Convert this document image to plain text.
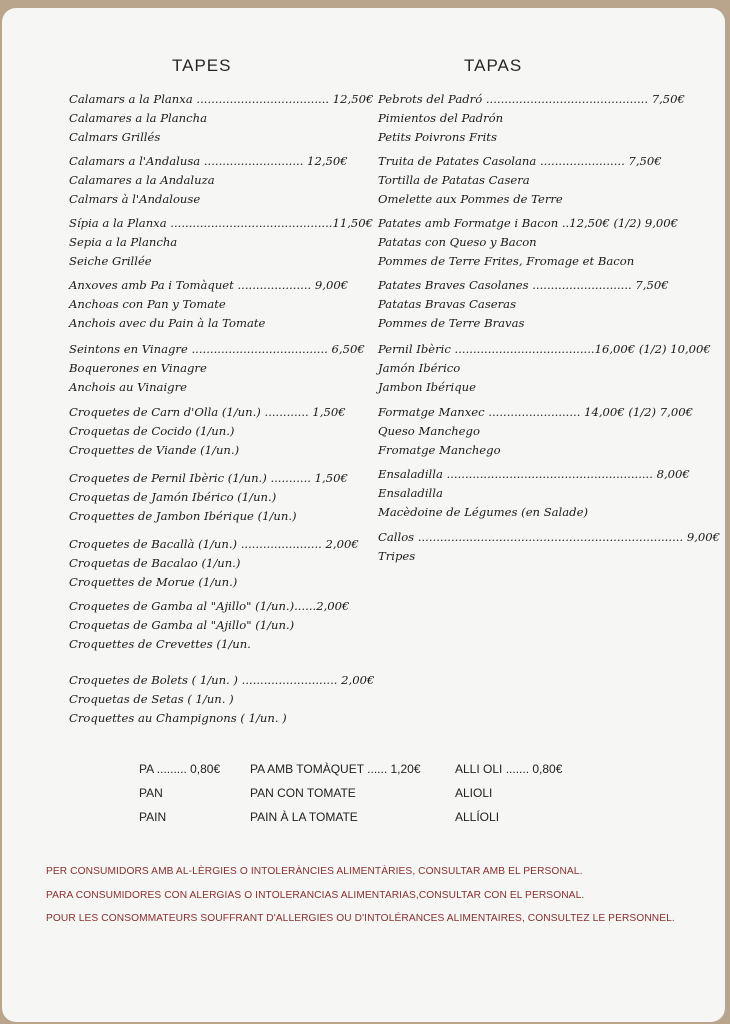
TAPES	TAPAS
Calamars a la Planxa .................................... 12,50€
Calamares a la Plancha
Calmars Grillés
Calamars a l'Andalusa ........................... 12,50€
Calamares a la Andaluza
Calmars à l'Andalouse
Sípia a la Planxa ............................................11,50€
Sepia a la Plancha
Seiche Grillée
Anxoves amb Pa i Tomàquet .................... 9,00€
Anchoas con Pan y Tomate
Anchois avec du Pain à la Tomate
Seintons en Vinagre ..................................... 6,50€
Boquerones en Vinagre
Anchois au Vinaigre
Croquetes de Carn d'Olla (1/un.) ............ 1,50€
Croquetas de Cocido (1/un.)
Croquettes de Viande (1/un.)
Croquetes de Pernil Ibèric (1/un.) ........... 1,50€
Croquetas de Jamón Ibérico (1/un.)
Croquettes de Jambon Ibérique (1/un.)
Croquetes de Bacallà (1/un.) ...................... 2,00€
Croquetas de Bacalao (1/un.)
Croquettes de Morue (1/un.)
Croquetes de Gamba al "Ajillo" (1/un.)......2,00€
Croquetas de Gamba al "Ajillo" (1/un.)
Croquettes de Crevettes (1/un.
Croquetes de Bolets ( 1/un. ) .......................... 2,00€
Croquetas de Setas ( 1/un. )
Croquettes au Champignons ( 1/un. )
Pebrots del Padró ............................................ 7,50€
Pimientos del Padrón
Petits Poivrons Frits
Truita de Patates Casolana ....................... 7,50€
Tortilla de Patatas Casera
Omelette aux Pommes de Terre
Patates amb Formatge i Bacon ..12,50€ (1/2) 9,00€
Patatas con Queso y Bacon
Pommes de Terre Frites, Fromage et Bacon
Patates Braves Casolanes ........................... 7,50€
Patatas Bravas Caseras
Pommes de Terre Bravas
Pernil Ibèric ......................................16,00€ (1/2) 10,00€
Jamón Ibérico
Jambon Ibérique
Formatge Manxec ......................... 14,00€ (1/2) 7,00€
Queso Manchego
Fromatge Manchego
Ensaladilla ........................................................ 8,00€
Ensaladilla
Macèdoine de Légumes (en Salade)
Callos ........................................................................ 9,00€
Tripes
PA ......... 0,80€
PAN
PAIN
PA AMB TOMÀQUET ...... 1,20€
PAN CON TOMATE
PAIN À LA TOMATE
ALLI OLI ....... 0,80€
ALIOLI
ALLÍOLI
PER CONSUMIDORS AMB AL-LÈRGIES O INTOLERÀNCIES ALIMENTÀRIES, CONSULTAR AMB EL PERSONAL.
PARA CONSUMIDORES CON ALERGIAS O INTOLERANCIAS ALIMENTARIAS,CONSULTAR CON EL PERSONAL.
POUR LES CONSOMMATEURS SOUFFRANT D'ALLERGIES OU D'INTOLÉRANCES ALIMENTAIRES, CONSULTEZ LE PERSONNEL.
